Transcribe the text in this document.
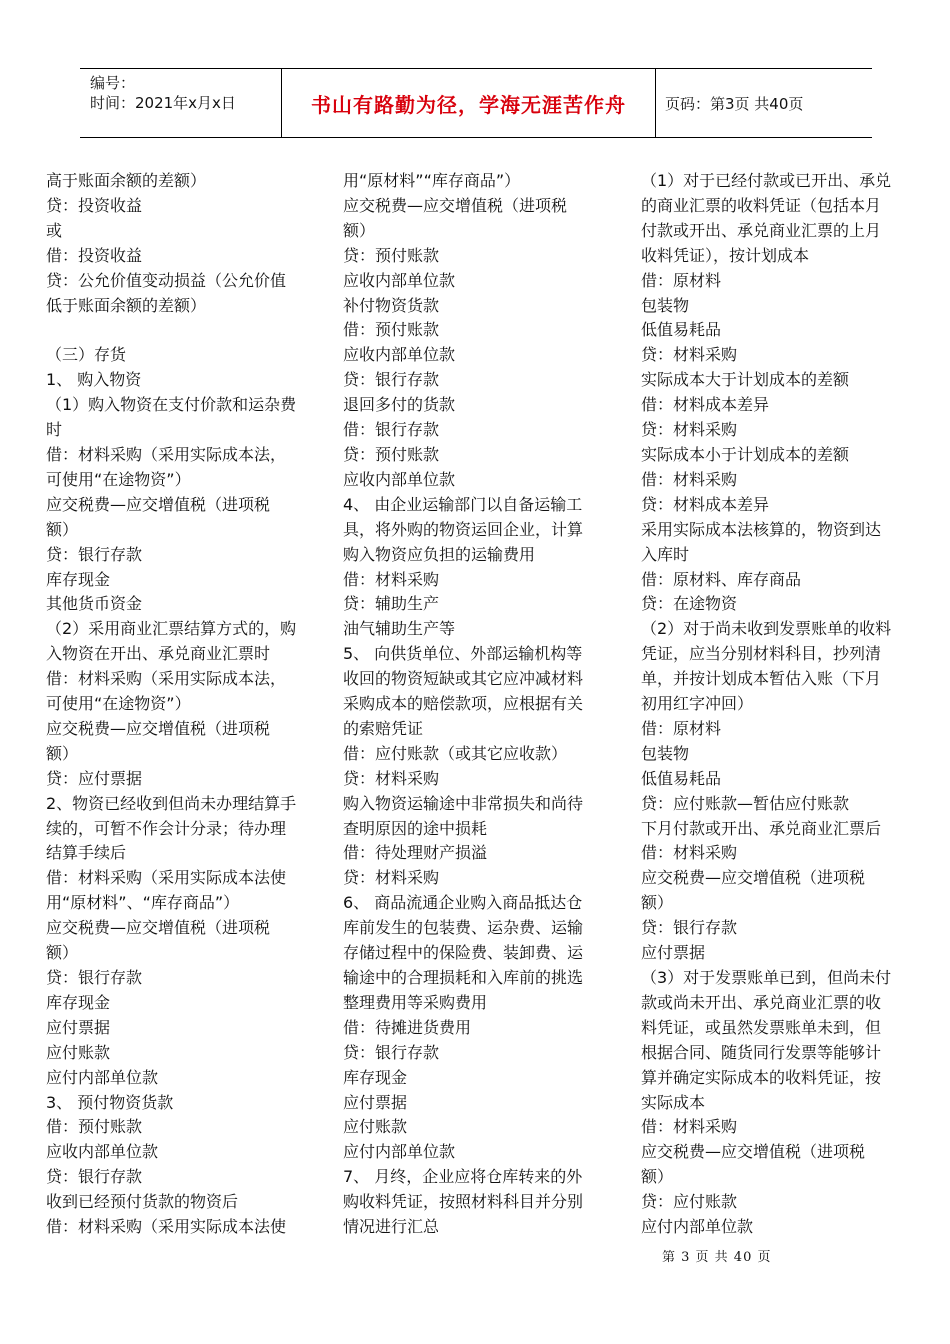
编号：
时间：2021年x月x日	书山有路勤为径，学海无涯苦作舟	页码：第3页 共40页
高于账面余额的差额）
贷：投资收益
或
借：投资收益
贷：公允价值变动损益（公允价值
低于账面余额的差额）

（三）存货
1、 购入物资
（1）购入物资在支付价款和运杂费
时
借：材料采购（采用实际成本法，
可使用“在途物资”）
应交税费—应交增值税（进项税
额）
贷：银行存款
库存现金
其他货币资金
（2）采用商业汇票结算方式的，购
入物资在开出、承兑商业汇票时
借：材料采购（采用实际成本法，
可使用“在途物资”）
应交税费—应交增值税（进项税
额）
贷：应付票据
2、物资已经收到但尚未办理结算手
续的，可暂不作会计分录；待办理
结算手续后
借：材料采购（采用实际成本法使
用“原材料”、“库存商品”）
应交税费—应交增值税（进项税
额）
贷：银行存款
库存现金
应付票据
应付账款
应付内部单位款
3、 预付物资货款
借：预付账款
应收内部单位款
贷：银行存款
收到已经预付货款的物资后
借：材料采购（采用实际成本法使
用“原材料”“库存商品”）
应交税费—应交增值税（进项税
额）
贷：预付账款
应收内部单位款
补付物资货款
借：预付账款
应收内部单位款
贷：银行存款
退回多付的货款
借：银行存款
贷：预付账款
应收内部单位款
4、 由企业运输部门以自备运输工
具，将外购的物资运回企业，计算
购入物资应负担的运输费用
借：材料采购
贷：辅助生产
油气辅助生产等
5、 向供货单位、外部运输机构等
收回的物资短缺或其它应冲减材料
采购成本的赔偿款项，应根据有关
的索赔凭证
借：应付账款（或其它应收款）
贷：材料采购
购入物资运输途中非常损失和尚待
查明原因的途中损耗
借：待处理财产损溢
贷：材料采购
6、 商品流通企业购入商品抵达仓
库前发生的包装费、运杂费、运输
存储过程中的保险费、装卸费、运
输途中的合理损耗和入库前的挑选
整理费用等采购费用
借：待摊进货费用
贷：银行存款
库存现金
应付票据
应付账款
应付内部单位款
7、 月终，企业应将仓库转来的外
购收料凭证，按照材料科目并分别
情况进行汇总
（1）对于已经付款或已开出、承兑
的商业汇票的收料凭证（包括本月
付款或开出、承兑商业汇票的上月
收料凭证），按计划成本
借：原材料
包装物
低值易耗品
贷：材料采购
实际成本大于计划成本的差额
借：材料成本差异
贷：材料采购
实际成本小于计划成本的差额
借：材料采购
贷：材料成本差异
采用实际成本法核算的，物资到达
入库时
借：原材料、库存商品
贷：在途物资
（2）对于尚未收到发票账单的收料
凭证，应当分别材料科目，抄列清
单，并按计划成本暂估入账（下月
初用红字冲回）
借：原材料
包装物
低值易耗品
贷：应付账款—暂估应付账款
下月付款或开出、承兑商业汇票后
借：材料采购
应交税费—应交增值税（进项税
额）
贷：银行存款
应付票据
（3）对于发票账单已到，但尚未付
款或尚未开出、承兑商业汇票的收
料凭证，或虽然发票账单未到，但
根据合同、随货同行发票等能够计
算并确定实际成本的收料凭证，按
实际成本
借：材料采购
应交税费—应交增值税（进项税
额）
贷：应付账款
应付内部单位款
第 3 页 共 40 页
